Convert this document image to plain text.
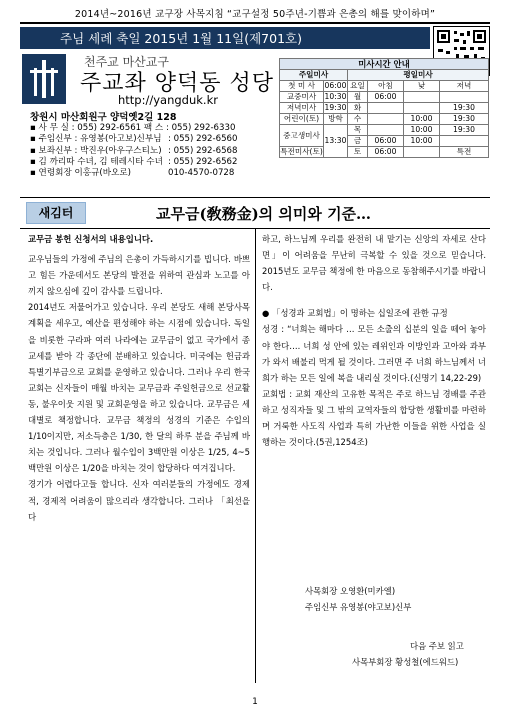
2014년~2016년 교구장 사목지침 “교구설정 50주년-기쁨과 은총의 해를 맞이하며”
주님 세례 축일 2015년 1월 11일(제701호)
천주교 마산교구
주교좌 양덕동 성당
http://yangduk.kr
창원시 마산회원구 양덕옛2길 128
▪ 사 무 실 : 055) 292-6561 팩 스 : 055) 292-6330
▪ 주임신부 : 유영봉(아고보)신부님 : 055) 292-6560
▪ 보좌신부 : 박진우(아우구스티노) : 055) 292-6568
▪ 김 까리따 수녀, 김 테레시타 수녀 : 055) 292-6562
▪ 연령회장 이홍규(바오로)	010-4570-0728
미사시간 안내					
주일미사		평일미사			
첫 미 사	06:00	요일	아침	낮	저녁
교중미사	10:30	월	06:00		
저녁미사	19:30	화			19:30
어린이(토)	방학	수		10:00	19:30
중고생미사	13:30	목		10:00	19:30
		금	06:00	10:00	
특전미사(토)		토	06:00		특전
새김터	교무금(敎務金)의 의미와 기준…

교무금 봉헌 신청서의 내용입니다.

교우님들의 가정에 주님의 은총이 가득하시기를 빕니다. 바쁘고 힘든 가운데서도 본당의 발전을 위하여 관심과 노고를 아끼지 않으심에 깊이 감사를 드립니다.

2014년도 저물어가고 있습니다. 우리 본당도 새해 본당사목계획을 세우고, 예산을 편성해야 하는 시점에 있습니다. 독일을 비롯한 구라파 여러 나라에는 교무금이 없고 국가에서 종교세를 받아 각 종단에 분배하고 있습니다. 미국에는 헌금과 특별기부금으로 교회를 운영하고 있습니다. 그러나 우리 한국교회는 신자들이 매월 바치는 교무금과 주일헌금으로 선교활동, 불우이웃 지원 및 교회운영을 하고 있습니다. 교무금은 세대별로 책정합니다. 교무금 책정의 성경의 기준은 수입의 1/10이지만, 저소득층은 1/30, 한 달의 하루 분을 주님께 바치는 것입니다. 그러나 월수입이 3백만원 이상은 1/25, 4~5백만원 이상은 1/20을 바치는 것이 합당하다 여겨집니다.

경기가 어렵다고들 합니다. 신자 여러분들의 가정에도 경제적, 경제적 어려움이 많으리라 생각합니다. 그러나 「최선을 다

하고, 하느님께 우리를 완전히 내 맡기는 신앙의 자세로 산다면」이 어려움을 무난히 극복할 수 있을 것으로 믿습니다. 2015년도 교무금 책정에 한 마음으로 동참해주시기를 바랍니다.

● 「성경과 교회법」이 명하는 십일조에 관한 규정

성경 : “너희는 해마다 … 모든 소출의 십분의 일을 떼어 놓아야 한다…. 너희 성 안에 있는 레위인과 이방인과 고아와 과부가 와서 배불리 먹게 될 것이다. 그러면 주 너희 하느님께서 너희가 하는 모든 일에 복을 내리실 것이다.(신명기 14,22-29)

교회법 : 교회 재산의 고유한 목적은 주로 하느님 경배를 주관하고 성직자들 및 그 밖의 교역자들의 합당한 생활비를 마련하며 거룩한 사도직 사업과 특히 가난한 이들을 위한 사업을 실행하는 것이다.(5권,1254조)

사목회장 오영환(미카엘)
주임신부 유영봉(야고보)신부
다음 주보 읽고
사목부회장 황성철(에드워드)
1
